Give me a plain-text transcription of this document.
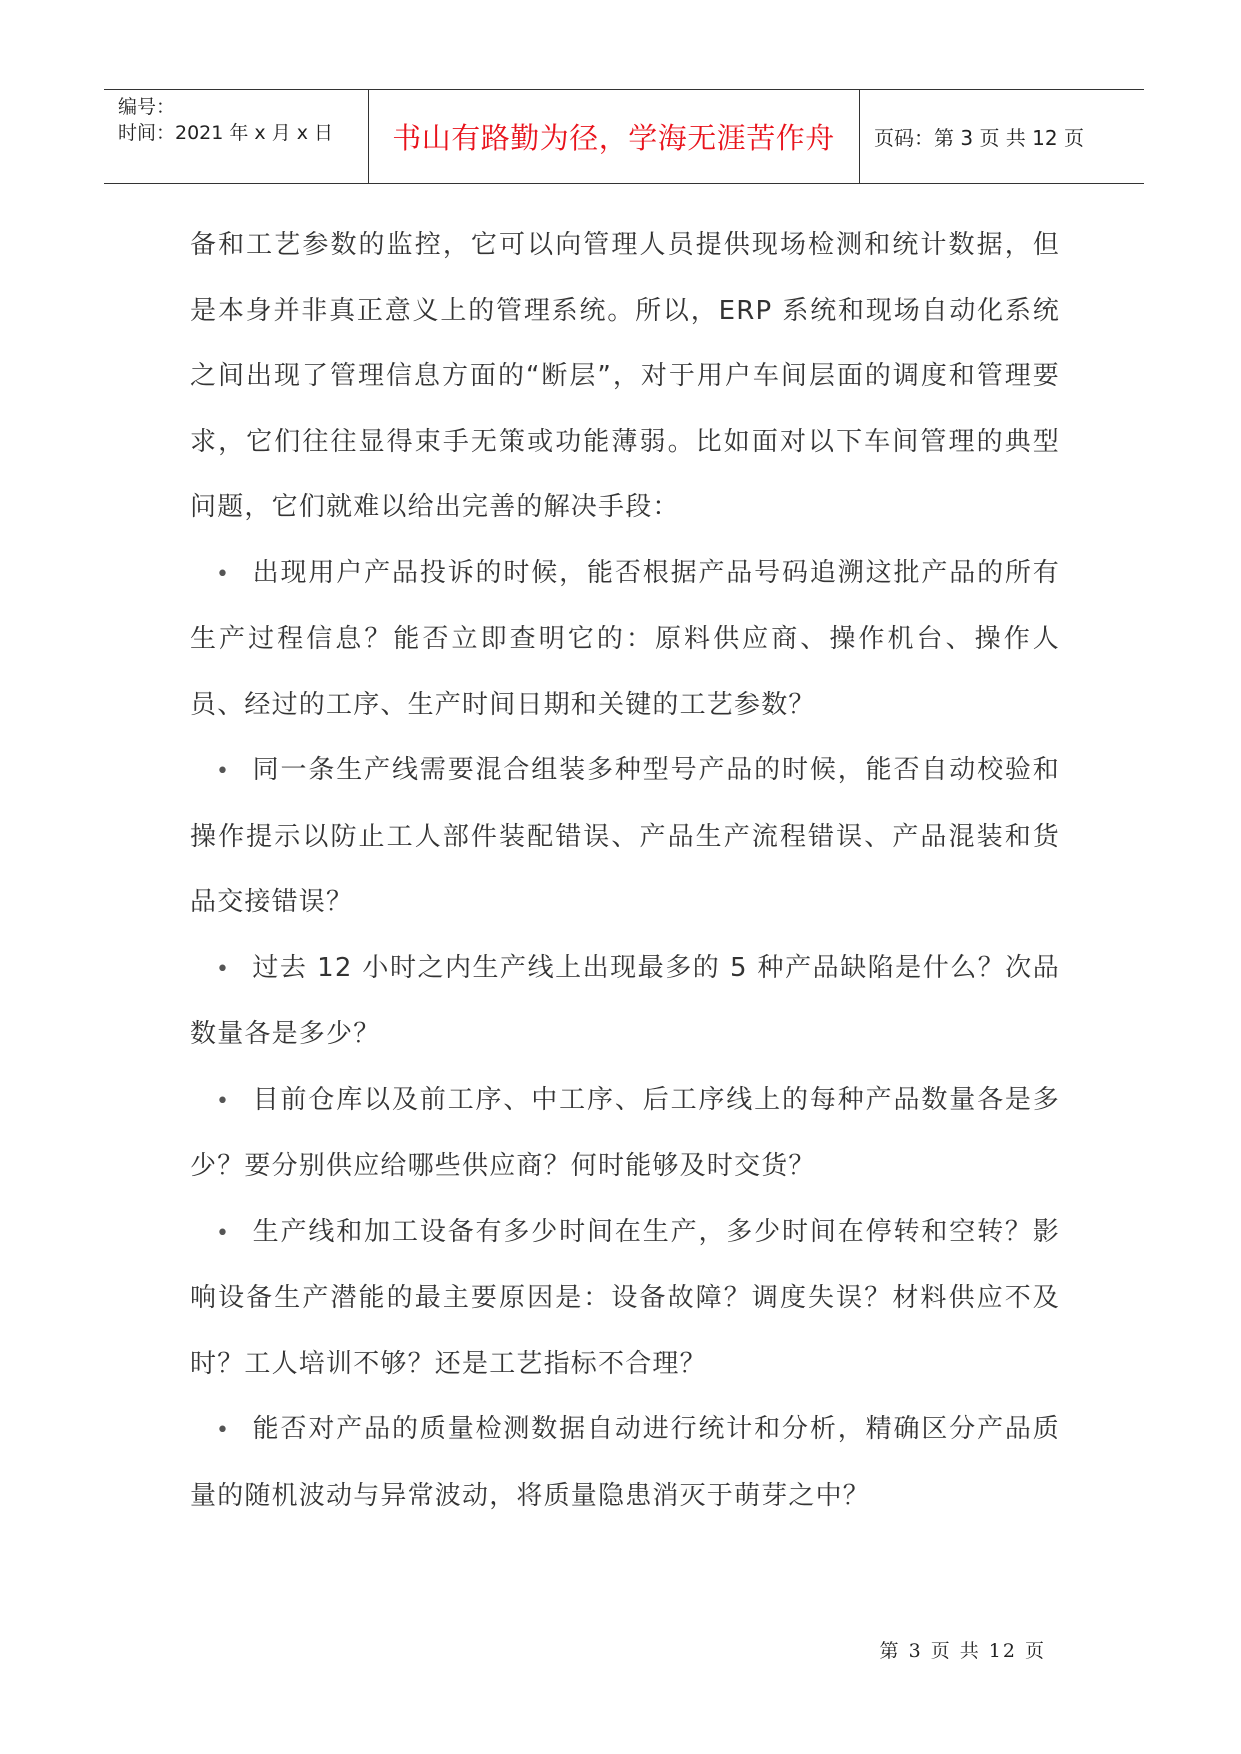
编号：
时间：2021 年 x 月 x 日	书山有路勤为径，学海无涯苦作舟	页码：第 3 页 共 12 页

备和工艺参数的监控，它可以向管理人员提供现场检测和统计数据，但是本身并非真正意义上的管理系统。所以，ERP 系统和现场自动化系统之间出现了管理信息方面的“断层”，对于用户车间层面的调度和管理要求，它们往往显得束手无策或功能薄弱。比如面对以下车间管理的典型问题，它们就难以给出完善的解决手段：

• 出现用户产品投诉的时候，能否根据产品号码追溯这批产品的所有生产过程信息？能否立即查明它的：原料供应商、操作机台、操作人员、经过的工序、生产时间日期和关键的工艺参数？

• 同一条生产线需要混合组装多种型号产品的时候，能否自动校验和操作提示以防止工人部件装配错误、产品生产流程错误、产品混装和货品交接错误？

• 过去 12 小时之内生产线上出现最多的 5 种产品缺陷是什么？次品数量各是多少？

• 目前仓库以及前工序、中工序、后工序线上的每种产品数量各是多少？要分别供应给哪些供应商？何时能够及时交货？

• 生产线和加工设备有多少时间在生产，多少时间在停转和空转？影响设备生产潜能的最主要原因是：设备故障？调度失误？材料供应不及时？工人培训不够？还是工艺指标不合理？

• 能否对产品的质量检测数据自动进行统计和分析，精确区分产品质量的随机波动与异常波动，将质量隐患消灭于萌芽之中？

第 3 页 共 12 页
